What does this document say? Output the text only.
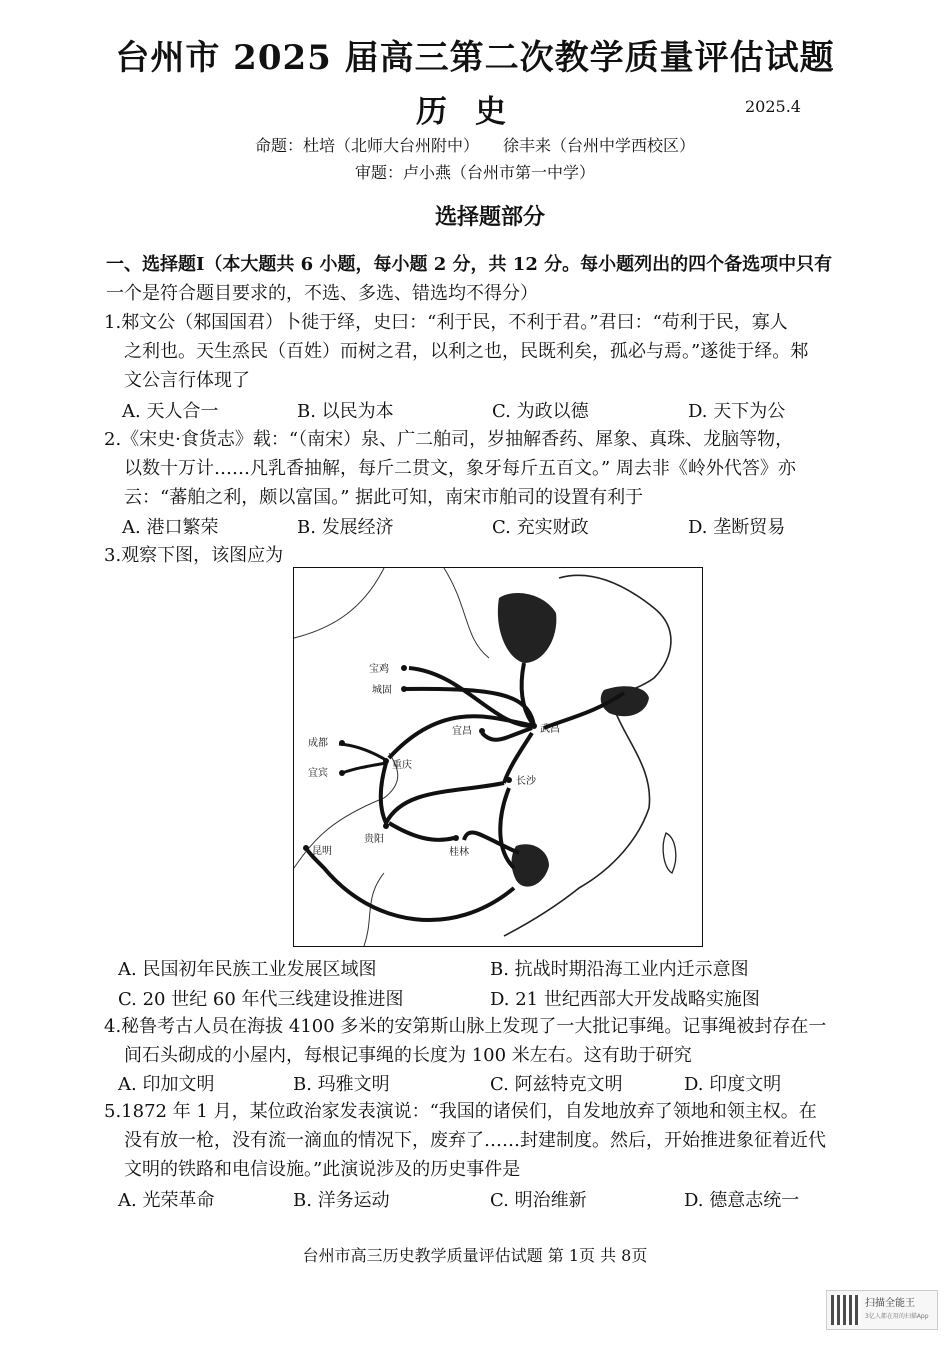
台州市 2025 届高三第二次教学质量评估试题
历史	2025.4
命题：杜培（北师大台州附中）　　徐丰来（台州中学西校区）
审题：卢小燕（台州市第一中学）
选择题部分
一、选择题Ⅰ（本大题共 6 小题，每小题 2 分，共 12 分。每小题列出的四个备选项中只有
一个是符合题目要求的，不选、多选、错选均不得分）
1.邾文公（邾国国君）卜徙于绎，史曰：“利于民，不利于君。”君曰：“苟利于民，寡人
之利也。天生烝民（百姓）而树之君，以利之也，民既利矣，孤必与焉。”遂徙于绎。邾
文公言行体现了
A. 天人合一	B. 以民为本	C. 为政以德	D. 天下为公
2.《宋史·食货志》载：“（南宋）泉、广二舶司，岁抽解香药、犀象、真珠、龙脑等物，
以数十万计……凡乳香抽解，每斤二贯文，象牙每斤五百文。” 周去非《岭外代答》亦
云：“蕃舶之利，颇以富国。” 据此可知，南宋市舶司的设置有利于
A. 港口繁荣	B. 发展经济	C. 充实财政	D. 垄断贸易
3.观察下图，该图应为
宝鸡
城固
成都
宜宾
重庆
宜昌	武昌
长沙
贵阳
桂林
昆明
A. 民国初年民族工业发展区域图	B. 抗战时期沿海工业内迁示意图
C. 20 世纪 60 年代三线建设推进图	D. 21 世纪西部大开发战略实施图
4.秘鲁考古人员在海拔 4100 多米的安第斯山脉上发现了一大批记事绳。记事绳被封存在一
间石头砌成的小屋内，每根记事绳的长度为 100 米左右。这有助于研究
A. 印加文明	B. 玛雅文明	C. 阿兹特克文明	D. 印度文明
5.1872 年 1 月，某位政治家发表演说：“我国的诸侯们，自发地放弃了领地和领主权。在
没有放一枪，没有流一滴血的情况下，废弃了……封建制度。然后，开始推进象征着近代
文明的铁路和电信设施。”此演说涉及的历史事件是
A. 光荣革命	B. 洋务运动	C. 明治维新	D. 德意志统一
台州市高三历史教学质量评估试题 第 1页 共 8页
扫描全能王
3亿人都在用的扫描App
